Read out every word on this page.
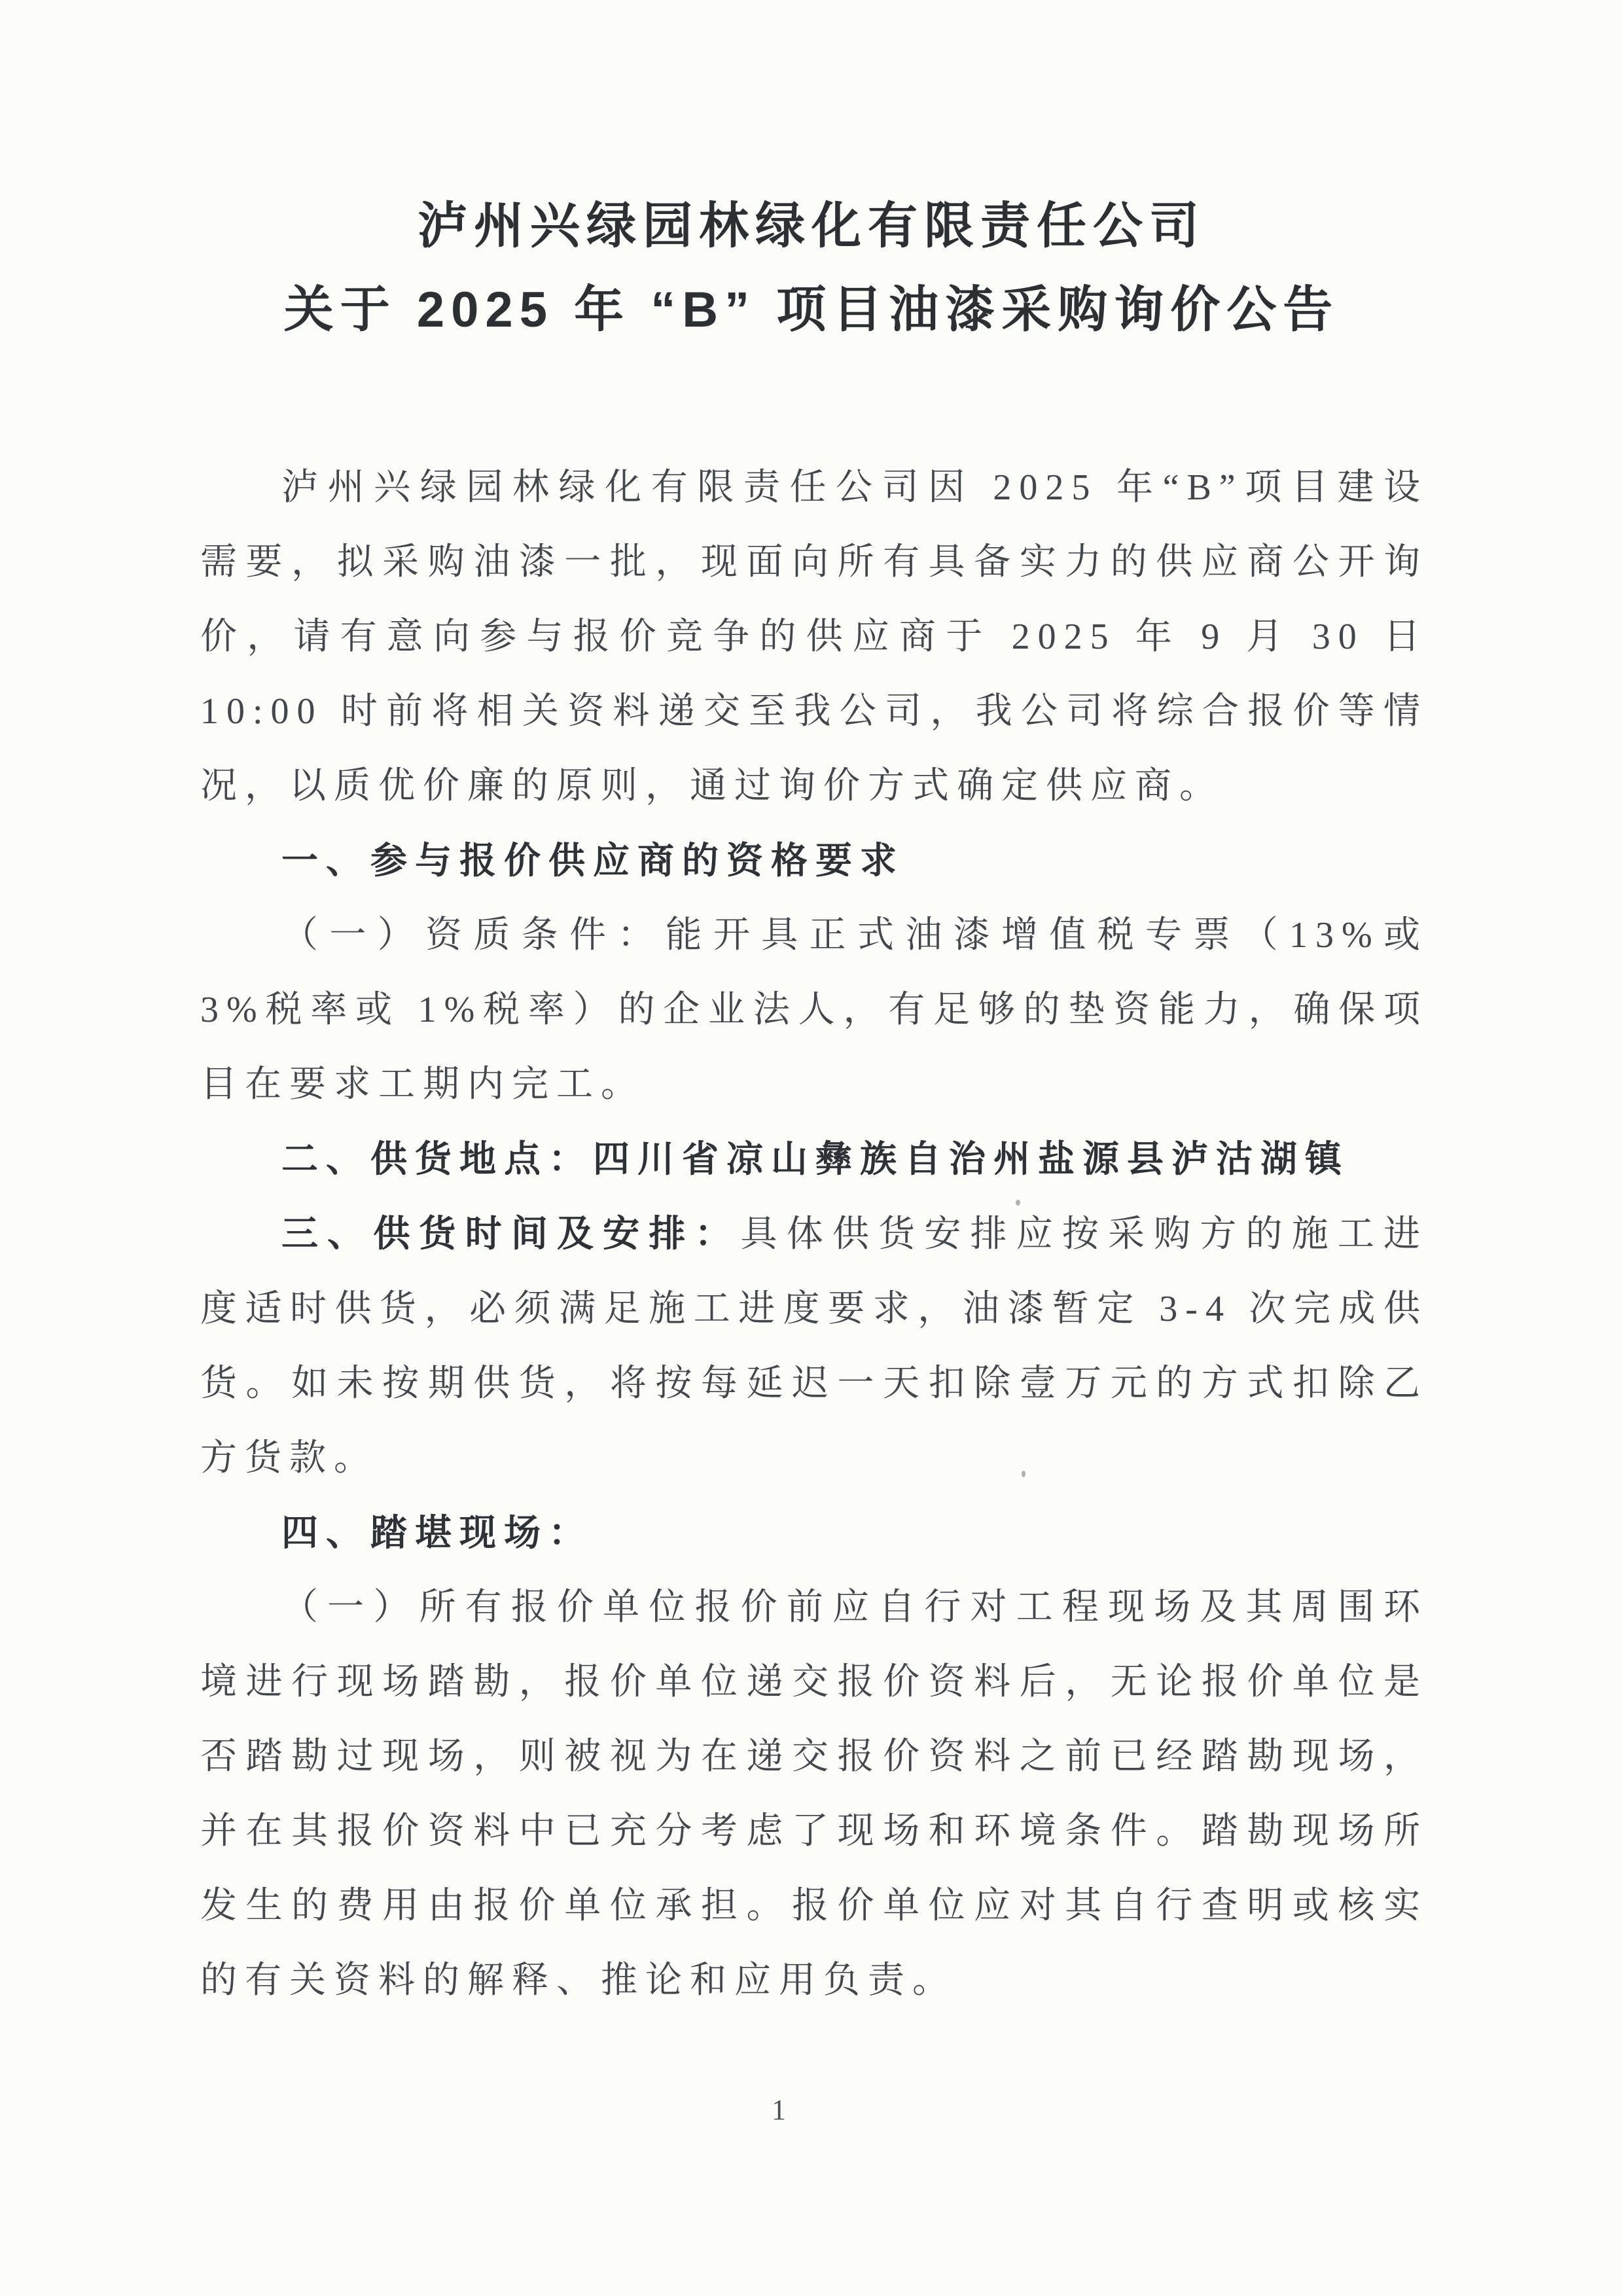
泸州兴绿园林绿化有限责任公司
关于 2025 年 “B” 项目油漆采购询价公告

泸州兴绿园林绿化有限责任公司因 2025 年“B”项目建设需要，拟采购油漆一批，现面向所有具备实力的供应商公开询价，请有意向参与报价竞争的供应商于 2025 年 9 月 30 日 10:00 时前将相关资料递交至我公司，我公司将综合报价等情况，以质优价廉的原则，通过询价方式确定供应商。

一、参与报价供应商的资格要求

（一）资质条件：能开具正式油漆增值税专票（13%或 3%税率或 1%税率）的企业法人，有足够的垫资能力，确保项目在要求工期内完工。

二、供货地点：四川省凉山彝族自治州盐源县泸沽湖镇

三、供货时间及安排：具体供货安排应按采购方的施工进度适时供货，必须满足施工进度要求，油漆暂定 3-4 次完成供货。如未按期供货，将按每延迟一天扣除壹万元的方式扣除乙方货款。

四、踏堪现场：

（一）所有报价单位报价前应自行对工程现场及其周围环境进行现场踏勘，报价单位递交报价资料后，无论报价单位是否踏勘过现场，则被视为在递交报价资料之前已经踏勘现场，并在其报价资料中已充分考虑了现场和环境条件。踏勘现场所发生的费用由报价单位承担。报价单位应对其自行查明或核实的有关资料的解释、推论和应用负责。

1
